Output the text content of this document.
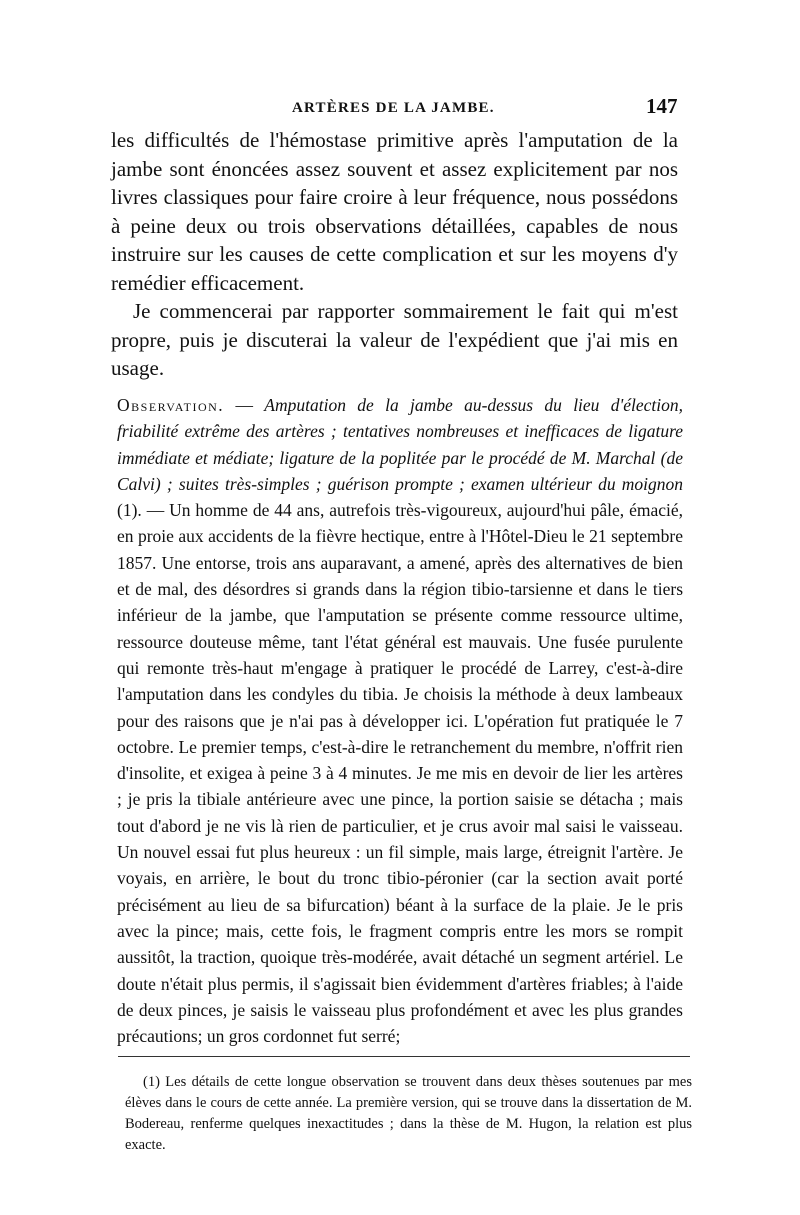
ARTÈRES DE LA JAMBE.	147

les difficultés de l'hémostase primitive après l'amputation de la jambe sont énoncées assez souvent et assez explicitement par nos livres classiques pour faire croire à leur fréquence, nous possédons à peine deux ou trois observations détaillées, capables de nous instruire sur les causes de cette complication et sur les moyens d'y remédier efficacement.

Je commencerai par rapporter sommairement le fait qui m'est propre, puis je discuterai la valeur de l'expédient que j'ai mis en usage.

Observation. — Amputation de la jambe au-dessus du lieu d'élection, friabilité extrême des artères ; tentatives nombreuses et inefficaces de ligature immédiate et médiate; ligature de la poplitée par le procédé de M. Marchal (de Calvi) ; suites très-simples ; guérison prompte ; examen ultérieur du moignon (1). — Un homme de 44 ans, autrefois très-vigoureux, aujourd'hui pâle, émacié, en proie aux accidents de la fièvre hectique, entre à l'Hôtel-Dieu le 21 septembre 1857. Une entorse, trois ans auparavant, a amené, après des alternatives de bien et de mal, des désordres si grands dans la région tibio-tarsienne et dans le tiers inférieur de la jambe, que l'amputation se présente comme ressource ultime, ressource douteuse même, tant l'état général est mauvais. Une fusée purulente qui remonte très-haut m'engage à pratiquer le procédé de Larrey, c'est-à-dire l'amputation dans les condyles du tibia. Je choisis la méthode à deux lambeaux pour des raisons que je n'ai pas à développer ici. L'opération fut pratiquée le 7 octobre. Le premier temps, c'est-à-dire le retranchement du membre, n'offrit rien d'insolite, et exigea à peine 3 à 4 minutes. Je me mis en devoir de lier les artères ; je pris la tibiale antérieure avec une pince, la portion saisie se détacha ; mais tout d'abord je ne vis là rien de particulier, et je crus avoir mal saisi le vaisseau. Un nouvel essai fut plus heureux : un fil simple, mais large, étreignit l'artère. Je voyais, en arrière, le bout du tronc tibio-péronier (car la section avait porté précisément au lieu de sa bifurcation) béant à la surface de la plaie. Je le pris avec la pince; mais, cette fois, le fragment compris entre les mors se rompit aussitôt, la traction, quoique très-modérée, avait détaché un segment artériel. Le doute n'était plus permis, il s'agissait bien évidemment d'artères friables; à l'aide de deux pinces, je saisis le vaisseau plus profondément et avec les plus grandes précautions; un gros cordonnet fut serré;

(1) Les détails de cette longue observation se trouvent dans deux thèses soutenues par mes élèves dans le cours de cette année. La première version, qui se trouve dans la dissertation de M. Bodereau, renferme quelques inexactitudes ; dans la thèse de M. Hugon, la relation est plus exacte.
